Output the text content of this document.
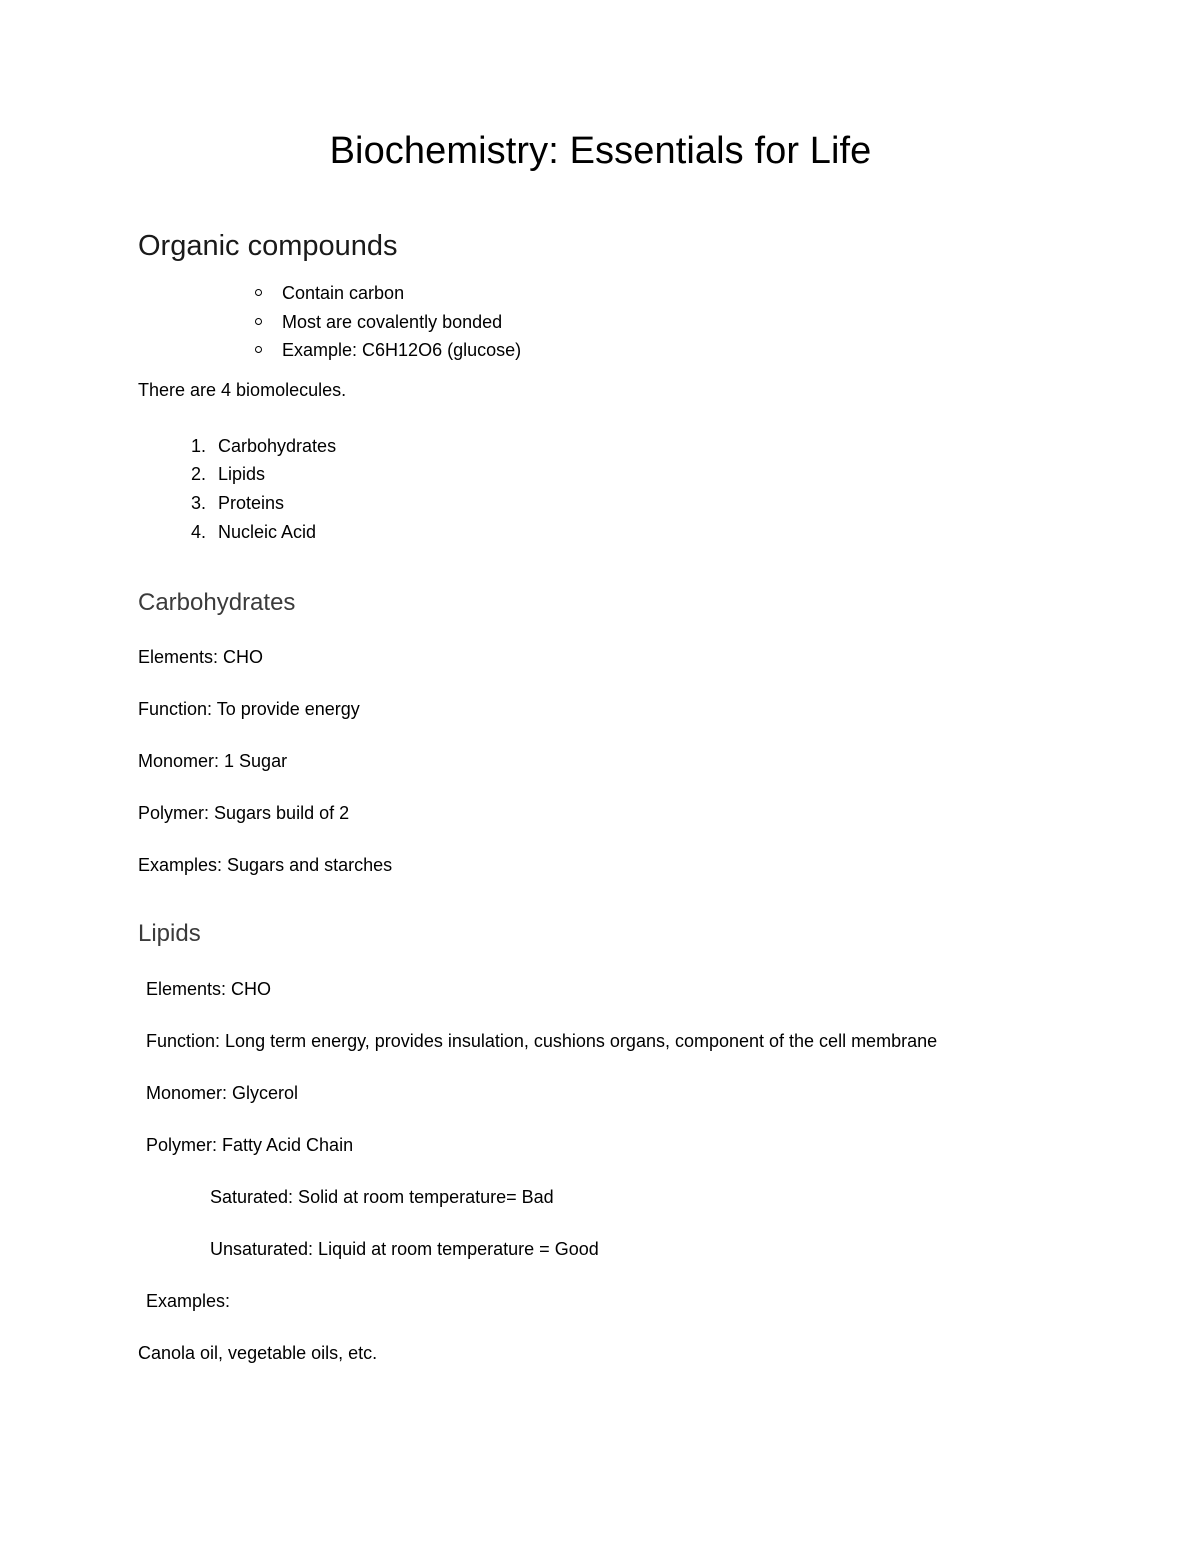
Biochemistry: Essentials for Life
Organic compounds
Contain carbon
Most are covalently bonded
Example: C6H12O6 (glucose)

There are 4 biomolecules.

Carbohydrates
Lipids
Proteins
Nucleic Acid
Carbohydrates

Elements: CHO

Function: To provide energy

Monomer: 1 Sugar

Polymer: Sugars build of 2

Examples: Sugars and starches

Lipids

Elements: CHO

Function: Long term energy, provides insulation, cushions organs, component of the cell membrane

Monomer: Glycerol

Polymer: Fatty Acid Chain

Saturated: Solid at room temperature= Bad

Unsaturated: Liquid at room temperature = Good

Examples:

Canola oil, vegetable oils, etc.
